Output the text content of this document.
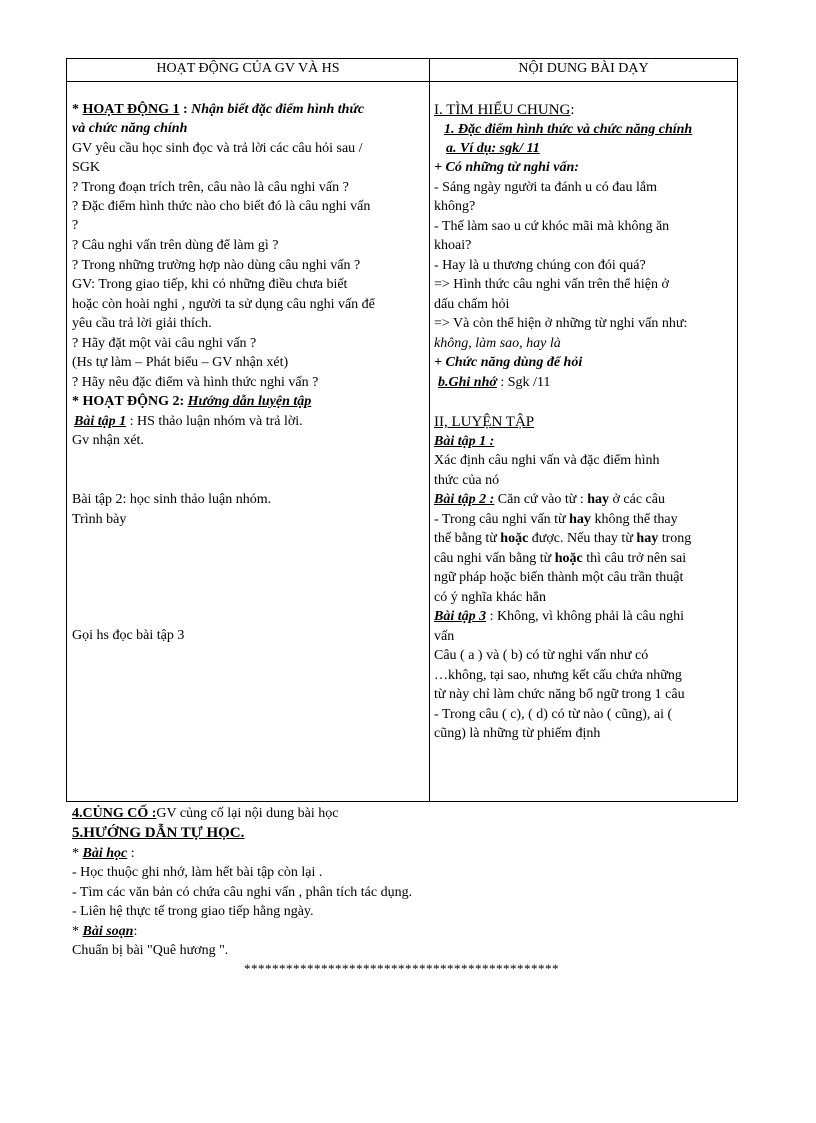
HOẠT ĐỘNG CỦA GV VÀ HS	NỘI DUNG BÀI DẠY
* HOẠT ĐỘNG 1 : Nhận biết đặc điểm hình thức
và chức năng chính
GV yêu cầu học sinh đọc và trả lời các câu hỏi sau /
SGK
? Trong đoạn trích trên, câu nào là câu nghi vấn ?
? Đặc điểm hình thức nào cho biết đó là câu nghi vấn
?
? Câu nghi vấn trên dùng để làm gì ?
? Trong những trường hợp nào dùng câu nghi vấn ?
GV: Trong giao tiếp, khi có những điều chưa biết
hoặc còn hoài nghi , người ta sử dụng câu nghi vấn để
yêu cầu trả lời giải thích.
? Hãy đặt một vài câu nghi vấn ?
(Hs tự làm – Phát biểu – GV nhận xét)
? Hãy nêu đặc điểm và hình thức nghi vấn ?
* HOẠT ĐỘNG 2: Hướng dẫn luyện tập
Bài tập 1 : HS thảo luận nhóm và trả lời.
Gv nhận xét.
Bài tập 2: học sinh thảo luận nhóm.
Trình bày
Gọi hs đọc bài tập 3
I. TÌM HIỂU CHUNG:
1. Đặc điểm hình thức và chức năng chính
a. Ví dụ: sgk/ 11
+ Có những từ nghi vấn:
- Sáng ngày người ta đánh u có đau lắm
không?
- Thế làm sao u cứ khóc mãi mà không ăn
khoai?
- Hay là u thương chúng con đói quá?
=> Hình thức câu nghi vấn trên thể hiện ở
dấu chấm hỏi
=> Và còn thể hiện ở những từ nghi vấn như:
không, làm sao, hay là
+ Chức năng dùng để hỏi
b.Ghi nhớ : Sgk /11
II, LUYỆN TẬP
Bài tập 1 :
Xác định câu nghi vấn và đặc điểm hình
thức của nó
Bài tập 2 : Căn cứ vào từ : hay ở các câu
- Trong câu nghi vấn từ hay không thể thay
thế bằng từ hoặc được. Nếu thay từ hay trong
câu nghi vấn bằng từ hoặc thì câu trở nên sai
ngữ pháp hoặc biến thành một câu trần thuật
có ý nghĩa khác hẳn
Bài tập 3 : Không, vì không phải là câu nghi
vấn
Câu ( a ) và ( b) có từ nghi vấn như có
…không, tại sao, nhưng kết cấu chứa những
từ này chỉ làm chức năng bổ ngữ trong 1 câu
- Trong câu ( c), ( d) có từ nào ( cũng), ai (
cũng) là những từ phiếm định
4.CỦNG CỐ :GV củng cố lại nội dung bài học
5.HƯỚNG DẪN TỰ HỌC.
* Bài học :
- Học thuộc ghi nhớ, làm hết bài tập còn lại .
- Tìm các văn bản có chứa câu nghi vấn , phân tích tác dụng.
- Liên hệ thực tế trong giao tiếp hằng ngày.
* Bài soạn:
Chuẩn bị bài "Quê hương ".
*********************************************
